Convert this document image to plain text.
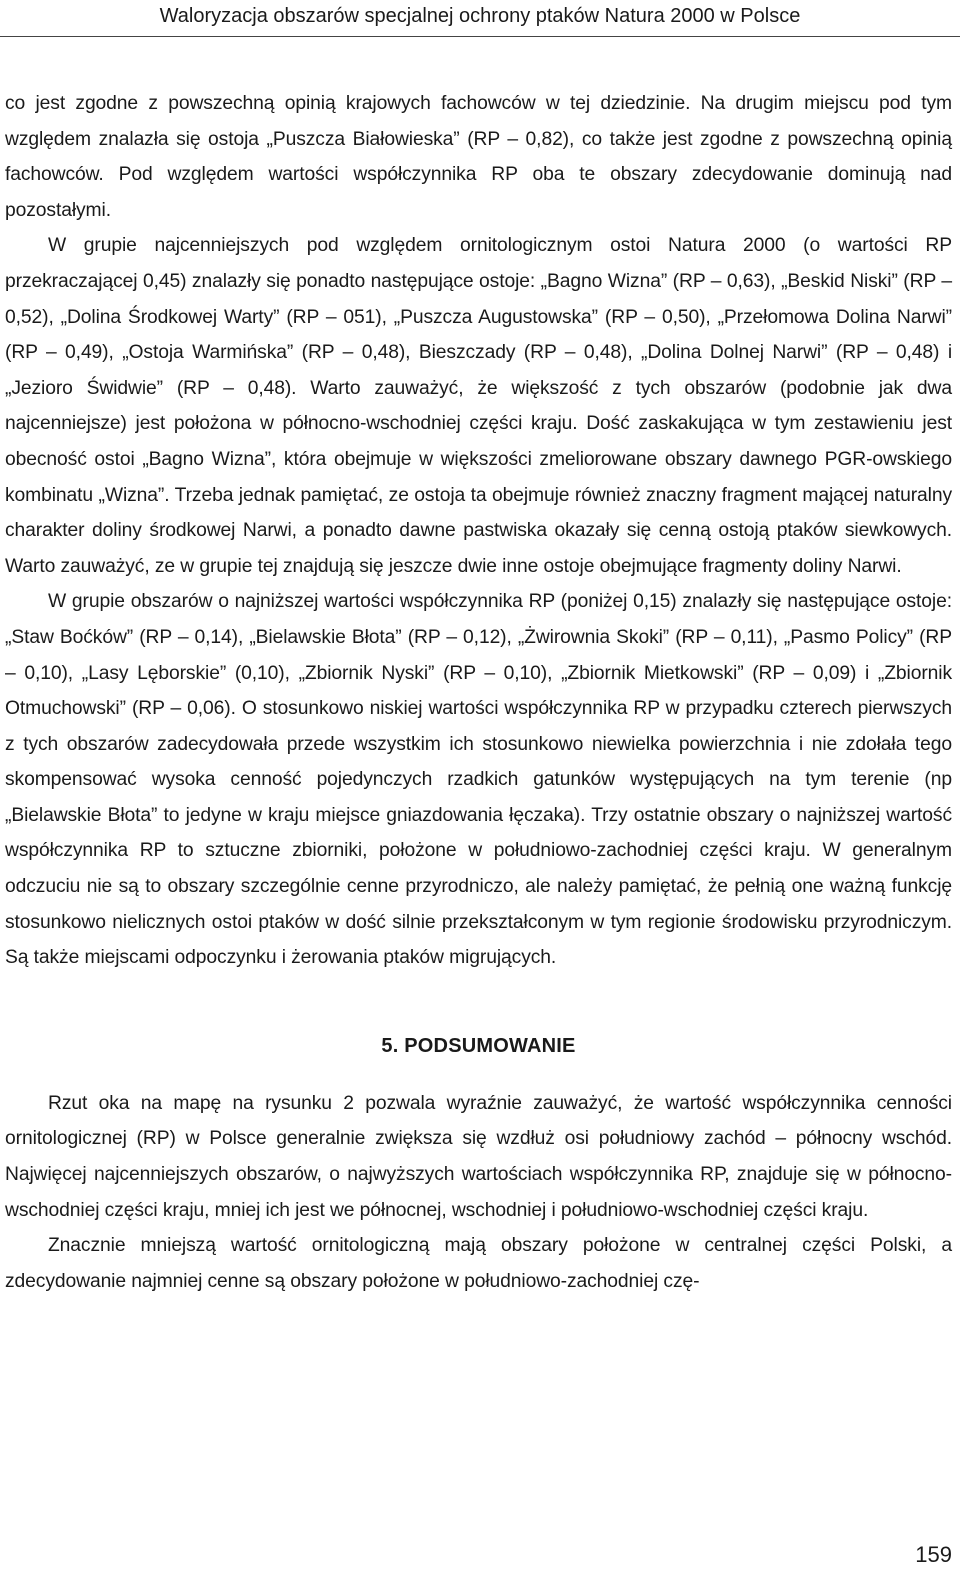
Waloryzacja obszarów specjalnej ochrony ptaków Natura 2000 w Polsce

co jest zgodne z powszechną opinią krajowych fachowców w tej dziedzinie. Na drugim miejscu pod tym względem znalazła się ostoja „Puszcza Białowieska” (RP – 0,82), co także jest zgodne z powszechną opinią fachowców. Pod względem wartości współczynnika RP oba te obszary zdecydowanie dominują nad pozostałymi.

W grupie najcenniejszych pod względem ornitologicznym ostoi Natura 2000 (o wartości RP przekraczającej 0,45) znalazły się ponadto następujące ostoje: „Bagno Wizna” (RP – 0,63), „Beskid Niski” (RP – 0,52), „Dolina Środkowej Warty” (RP – 051), „Puszcza Augustowska” (RP – 0,50), „Przełomowa Dolina Narwi” (RP – 0,49), „Ostoja Warmińska” (RP – 0,48), Bieszczady (RP – 0,48), „Dolina Dolnej Narwi” (RP – 0,48) i „Jezioro Świdwie” (RP – 0,48). Warto zauważyć, że większość z tych obszarów (podobnie jak dwa najcenniejsze) jest położona w północno-wschodniej części kraju. Dość zaskakująca w tym zestawieniu jest obecność ostoi „Bagno Wizna”, która obejmuje w większości zmeliorowane obszary dawnego PGR-owskiego kombinatu „Wizna”. Trzeba jednak pamiętać, ze ostoja ta obejmuje również znaczny fragment mającej naturalny charakter doliny środkowej Narwi, a ponadto dawne pastwiska okazały się cenną ostoją ptaków siewkowych. Warto zauważyć, ze w grupie tej znajdują się jeszcze dwie inne ostoje obejmujące fragmenty doliny Narwi.

W grupie obszarów o najniższej wartości współczynnika RP (poniżej 0,15) znalazły się następujące ostoje: „Staw Boćków” (RP – 0,14), „Bielawskie Błota” (RP – 0,12), „Żwirownia Skoki” (RP – 0,11), „Pasmo Policy” (RP – 0,10), „Lasy Lęborskie” (0,10), „Zbiornik Nyski” (RP – 0,10), „Zbiornik Mietkowski” (RP – 0,09) i „Zbiornik Otmuchowski” (RP – 0,06). O stosunkowo niskiej wartości współczynnika RP w przypadku czterech pierwszych z tych obszarów zadecydowała przede wszystkim ich stosunkowo niewielka powierzchnia i nie zdołała tego skompensować wysoka cenność pojedynczych rzadkich gatunków występujących na tym terenie (np „Bielawskie Błota” to jedyne w kraju miejsce gniazdowania łęczaka). Trzy ostatnie obszary o najniższej wartość współczynnika RP to sztuczne zbiorniki, położone w południowo-zachodniej części kraju. W generalnym odczuciu nie są to obszary szczególnie cenne przyrodniczo, ale należy pamiętać, że pełnią one ważną funkcję stosunkowo nielicznych ostoi ptaków w dość silnie przekształconym w tym regionie środowisku przyrodniczym. Są także miejscami odpoczynku i żerowania ptaków migrujących.

5. PODSUMOWANIE

Rzut oka na mapę na rysunku 2 pozwala wyraźnie zauważyć, że wartość współczynnika cenności ornitologicznej (RP) w Polsce generalnie zwiększa się wzdłuż osi południowy zachód – północny wschód. Najwięcej najcenniejszych obszarów, o najwyższych wartościach współczynnika RP, znajduje się w północno-wschodniej części kraju, mniej ich jest we północnej, wschodniej i południowo-wschodniej części kraju.

Znacznie mniejszą wartość ornitologiczną mają obszary położone w centralnej części Polski, a zdecydowanie najmniej cenne są obszary położone w południowo-zachodniej czę-

159
